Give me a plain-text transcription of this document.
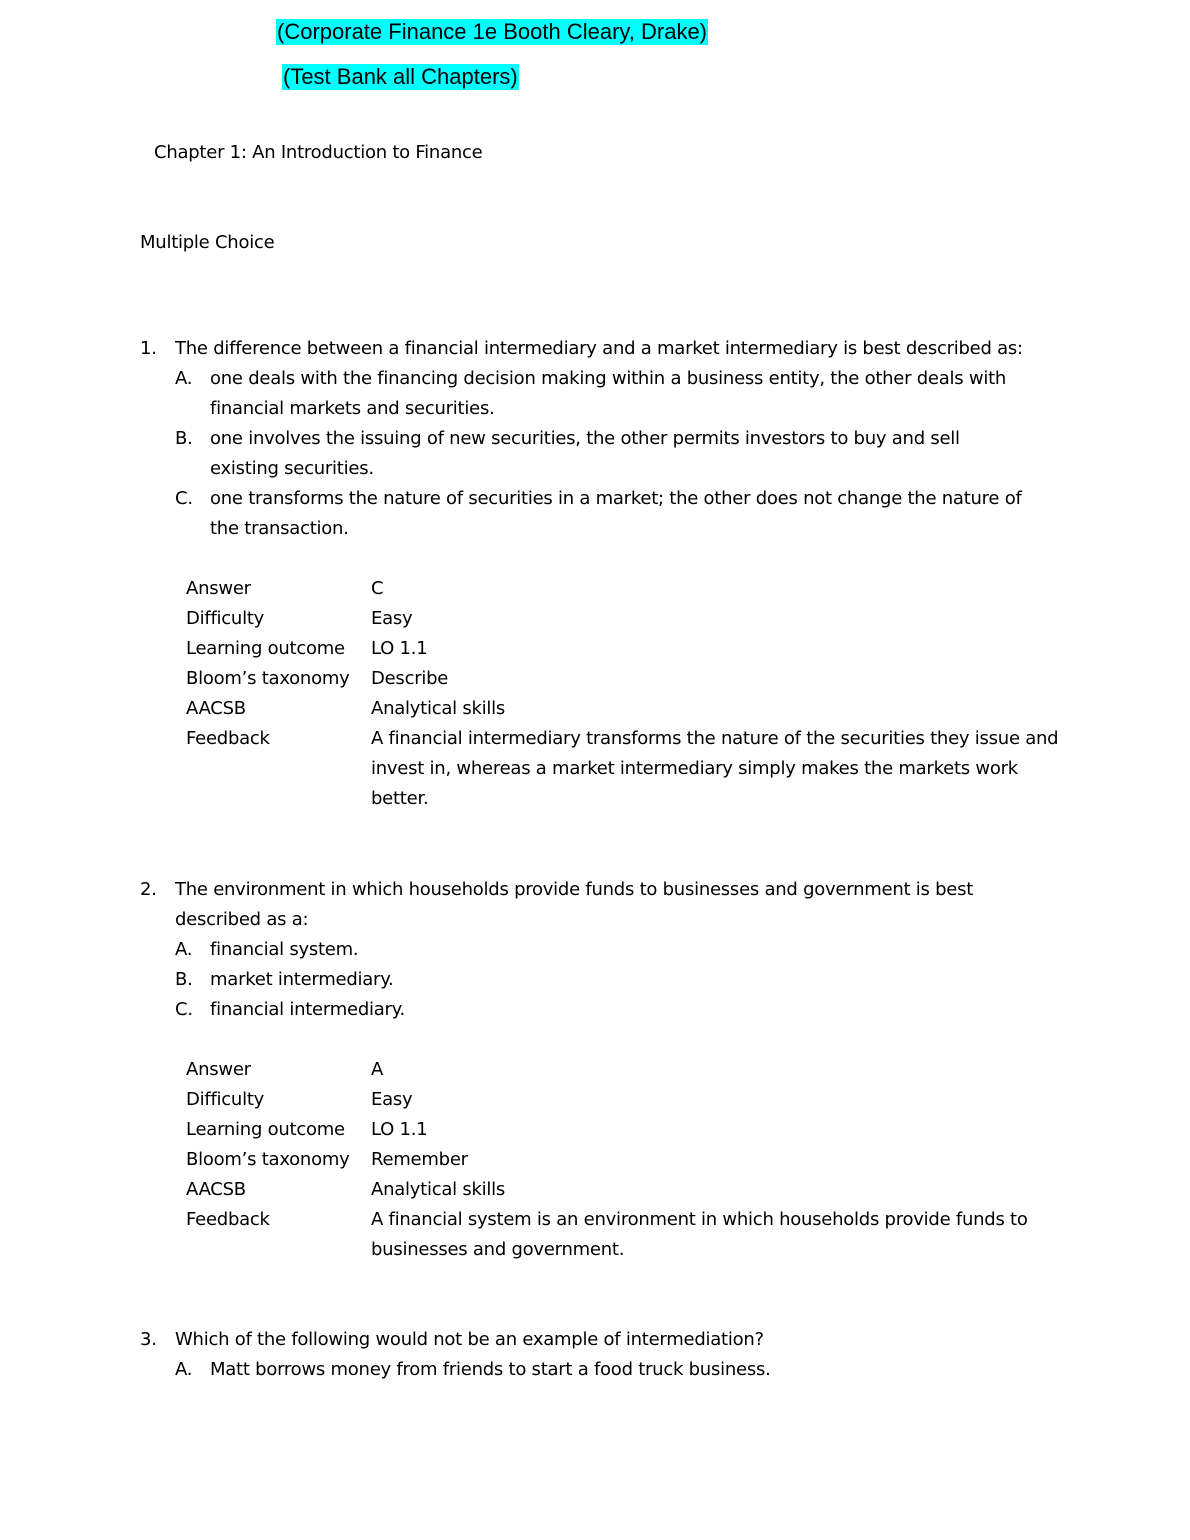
(Corporate Finance 1e Booth Cleary, Drake)
(Test Bank all Chapters)
Chapter 1: An Introduction to Finance
Multiple Choice
1. The difference between a financial intermediary and a market intermediary is best described as:
A. one deals with the financing decision making within a business entity, the other deals with financial markets and securities.
B. one involves the issuing of new securities, the other permits investors to buy and sell existing securities.
C. one transforms the nature of securities in a market; the other does not change the nature of the transaction.
Answer	C
Difficulty	Easy
Learning outcome	LO 1.1
Bloom’s taxonomy	Describe
AACSB	Analytical skills
Feedback	A financial intermediary transforms the nature of the securities they issue and invest in, whereas a market intermediary simply makes the markets work better.
2. The environment in which households provide funds to businesses and government is best described as a:
A. financial system.
B. market intermediary.
C. financial intermediary.
Answer	A
Difficulty	Easy
Learning outcome	LO 1.1
Bloom’s taxonomy	Remember
AACSB	Analytical skills
Feedback	A financial system is an environment in which households provide funds to businesses and government.
3. Which of the following would not be an example of intermediation?
A. Matt borrows money from friends to start a food truck business.
